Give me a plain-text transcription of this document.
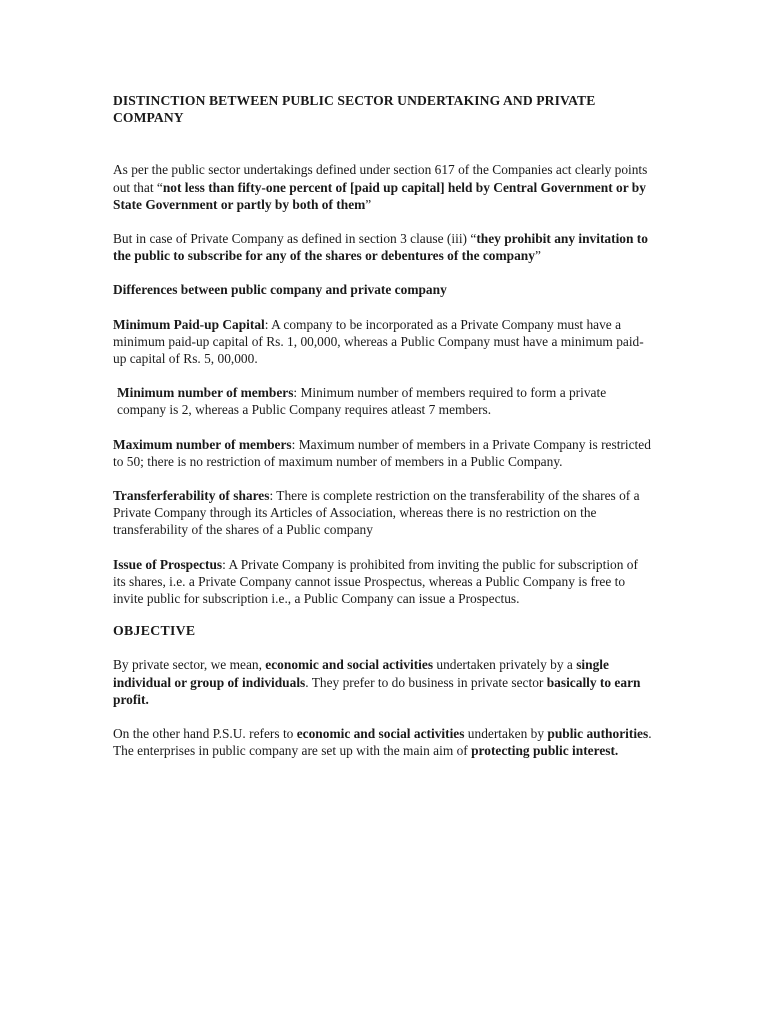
DISTINCTION BETWEEN PUBLIC SECTOR UNDERTAKING AND PRIVATE COMPANY

As per the public sector undertakings defined under section 617 of the Companies act clearly points out that “not less than fifty-one percent of [paid up capital] held by Central Government or by State Government or partly by both of them”

But in case of Private Company as defined in section 3 clause (iii) “they prohibit any invitation to the public to subscribe for any of the shares or debentures of the company”

Differences between public company and private company

Minimum Paid-up Capital: A company to be incorporated as a Private Company must have a minimum paid-up capital of Rs. 1, 00,000, whereas a Public Company must have a minimum paid-up capital of Rs. 5, 00,000.

Minimum number of members: Minimum number of members required to form a private company is 2, whereas a Public Company requires atleast 7 members.

Maximum number of members: Maximum number of members in a Private Company is restricted to 50; there is no restriction of maximum number of members in a Public Company.

Transferferability of shares: There is complete restriction on the transferability of the shares of a Private Company through its Articles of Association, whereas there is no restriction on the transferability of the shares of a Public company

Issue of Prospectus: A Private Company is prohibited from inviting the public for subscription of its shares, i.e. a Private Company cannot issue Prospectus, whereas a Public Company is free to invite public for subscription i.e., a Public Company can issue a Prospectus.

OBJECTIVE

By private sector, we mean, economic and social activities undertaken privately by a single individual or group of individuals. They prefer to do business in private sector basically to earn profit.

On the other hand P.S.U. refers to economic and social activities undertaken by public authorities. The enterprises in public company are set up with the main aim of protecting public interest.
